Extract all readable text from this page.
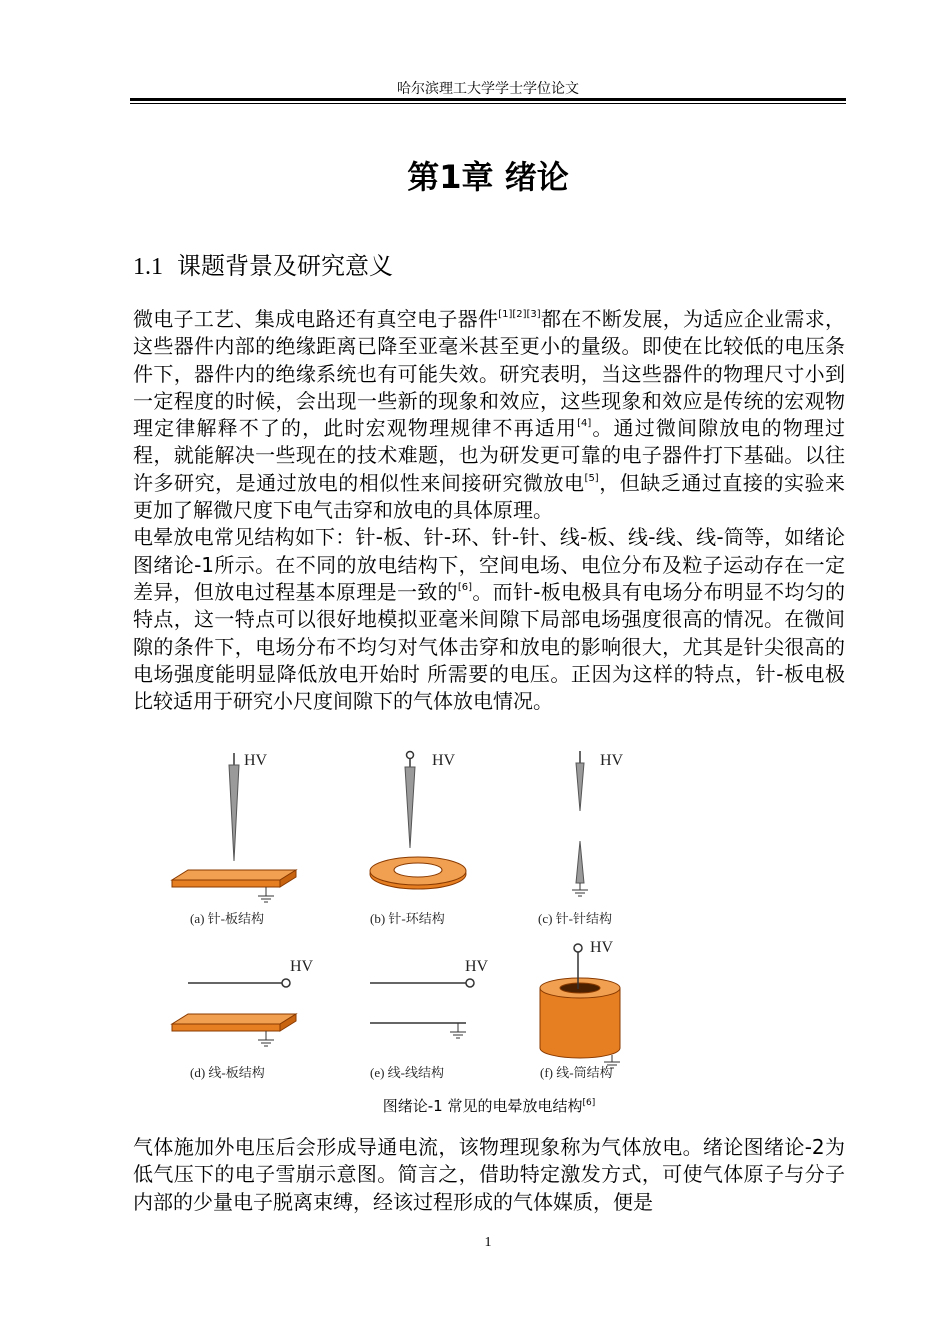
哈尔滨理工大学学士学位论文
第1章 绪论
1.1 课题背景及研究意义

微电子工艺、集成电路还有真空电子器件[1][2][3]都在不断发展，为适应企业需求，这些器件内部的绝缘距离已降至亚毫米甚至更小的量级。即使在比较低的电压条件下，器件内的绝缘系统也有可能失效。研究表明，当这些器件的物理尺寸小到一定程度的时候，会出现一些新的现象和效应，这些现象和效应是传统的宏观物理定律解释不了的，此时宏观物理规律不再适用[4]。通过微间隙放电的物理过程，就能解决一些现在的技术难题，也为研发更可靠的电子器件打下基础。以往许多研究，是通过放电的相似性来间接研究微放电[5]，但缺乏通过直接的实验来更加了解微尺度下电气击穿和放电的具体原理。

电晕放电常见结构如下：针-板、针-环、针-针、线-板、线-线、线-筒等，如绪论图绪论-1所示。在不同的放电结构下，空间电场、电位分布及粒子运动存在一定差异，但放电过程基本原理是一致的[6]。而针-板电极具有电场分布明显不均匀的特点，这一特点可以很好地模拟亚毫米间隙下局部电场强度很高的情况。在微间隙的条件下，电场分布不均匀对气体击穿和放电的影响很大，尤其是针尖很高的电场强度能明显降低放电开始时 所需要的电压。正因为这样的特点，针-板电极比较适用于研究小尺度间隙下的气体放电情况。

HV
(a) 针-板结构
HV
(b) 针-环结构
HV
(c) 针-针结构
HV
(d) 线-板结构
HV
(e) 线-线结构
HV
(f) 线-筒结构
图绪论-1 常见的电晕放电结构[6]

气体施加外电压后会形成导通电流，该物理现象称为气体放电。绪论图绪论-2为低气压下的电子雪崩示意图。简言之，借助特定激发方式，可使气体原子与分子内部的少量电子脱离束缚，经该过程形成的气体媒质，便是

1
